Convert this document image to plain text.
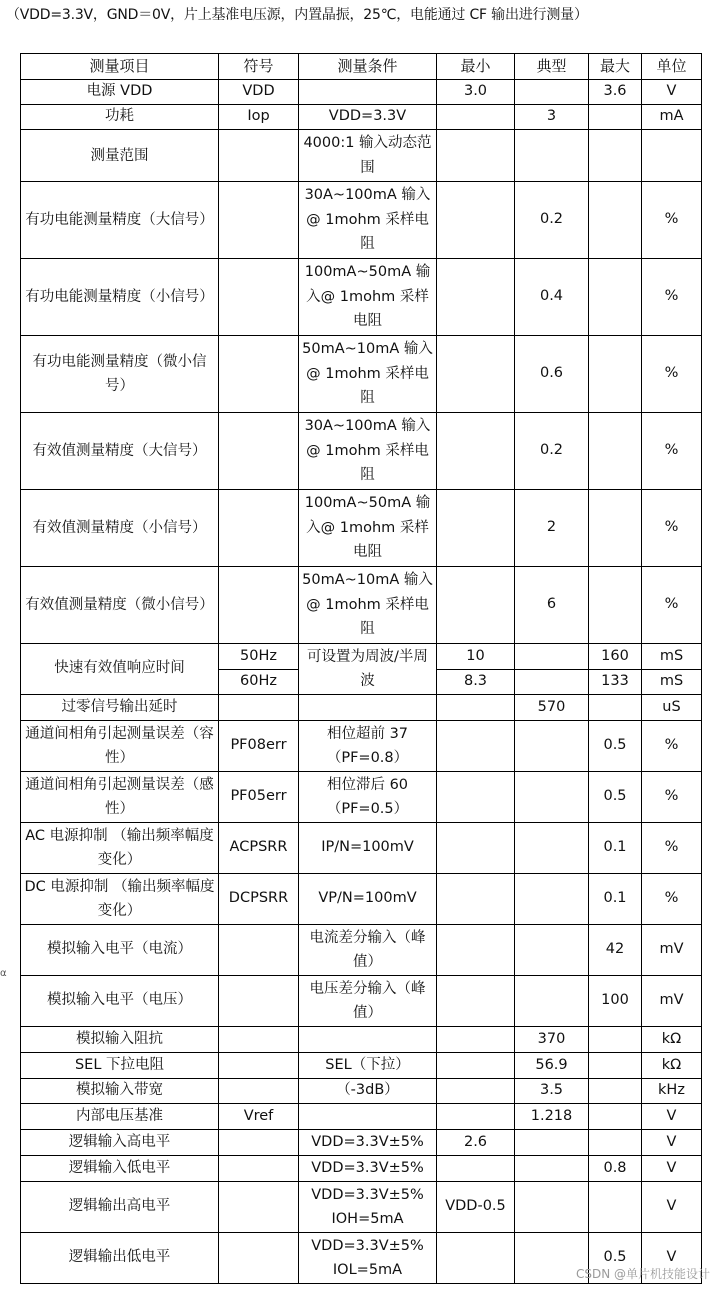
（VDD=3.3V，GND＝0V，片上基准电压源，内置晶振，25℃，电能通过 CF 输出进行测量）
测量项目	符号	测量条件	最小	典型	最大	单位
电源 VDD	VDD		3.0		3.6	V
功耗	Iop	VDD=3.3V		3		mA
测量范围		4000:1 输入动态范围				
有功电能测量精度（大信号）		30A~100mA 输入@ 1mohm 采样电阻		0.2		%
有功电能测量精度（小信号）		100mA~50mA 输入@ 1mohm 采样电阻		0.4		%
有功电能测量精度（微小信号）		50mA~10mA 输入@ 1mohm 采样电阻		0.6		%
有效值测量精度（大信号）		30A~100mA 输入@ 1mohm 采样电阻		0.2		%
有效值测量精度（小信号）		100mA~50mA 输入@ 1mohm 采样电阻		2		%
有效值测量精度（微小信号）		50mA~10mA 输入@ 1mohm 采样电阻		6		%
快速有效值响应时间	50Hz	可设置为周波/半周波	10		160	mS
	60Hz		8.3		133	mS
过零信号输出延时				570		uS
通道间相角引起测量误差（容性）	PF08err	相位超前 37（PF=0.8）			0.5	%
通道间相角引起测量误差（感性）	PF05err	相位滞后 60（PF=0.5）			0.5	%
AC 电源抑制 （输出频率幅度变化）	ACPSRR	IP/N=100mV			0.1	%
DC 电源抑制 （输出频率幅度变化）	DCPSRR	VP/N=100mV			0.1	%
模拟输入电平（电流）		电流差分输入（峰值）			42	mV
模拟输入电平（电压）		电压差分输入（峰值）			100	mV
模拟输入阻抗				370		kΩ
SEL 下拉电阻		SEL（下拉）		56.9		kΩ
模拟输入带宽		（-3dB）		3.5		kHz
内部电压基准	Vref			1.218		V
逻辑输入高电平		VDD=3.3V±5%	2.6			V
逻辑输入低电平		VDD=3.3V±5%			0.8	V
逻辑输出高电平		VDD=3.3V±5% IOH=5mA	VDD-0.5			V
逻辑输出低电平		VDD=3.3V±5% IOL=5mA			0.5	V
α
CSDN @单片机技能设计
